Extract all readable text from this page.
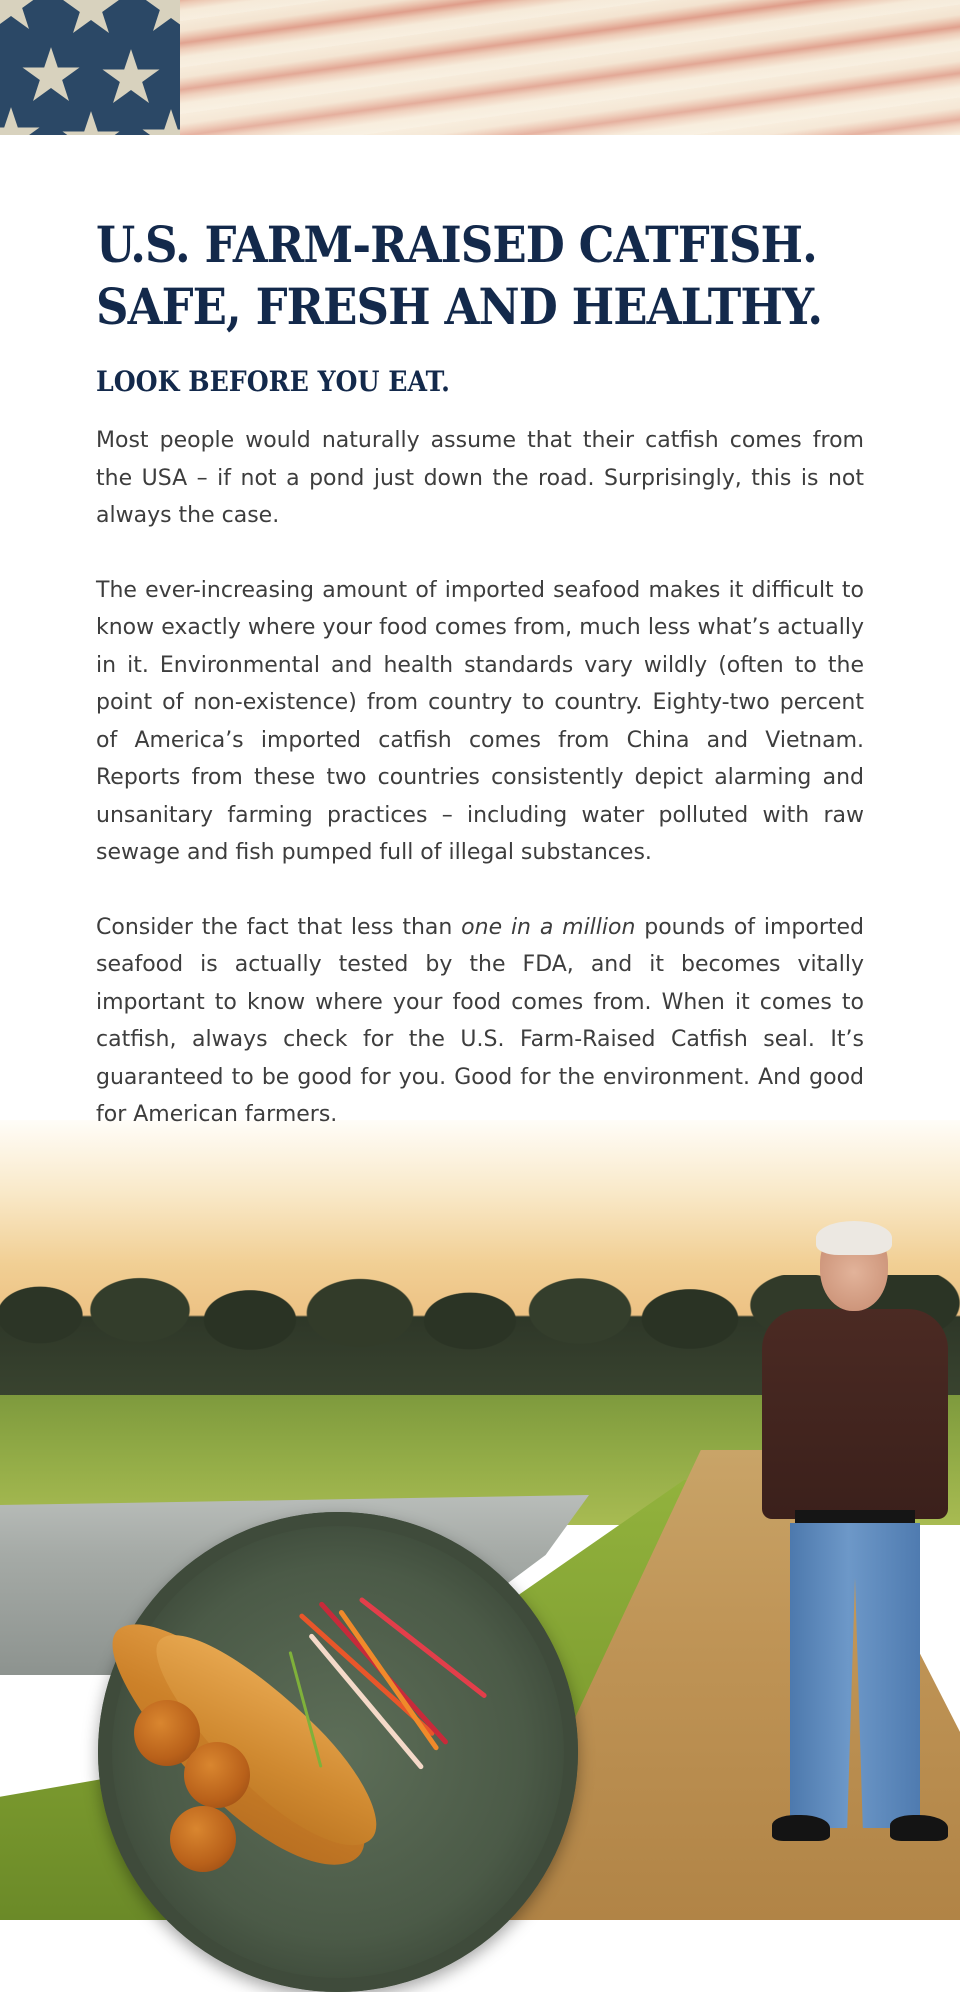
U.S. FARM-RAISED CATFISH.
SAFE, FRESH AND HEALTHY.
LOOK BEFORE YOU EAT.

Most people would naturally assume that their catfish comes from the USA – if not a pond just down the road. Surprisingly, this is not always the case.

The ever-increasing amount of imported seafood makes it difficult to know exactly where your food comes from, much less what’s actually in it. Environmental and health standards vary wildly (often to the point of non-existence) from country to country. Eighty-two percent of America’s imported catfish comes from China and Vietnam. Reports from these two countries consistently depict alarming and unsanitary farming practices – including water polluted with raw sewage and fish pumped full of illegal substances.

Consider the fact that less than one in a million pounds of imported seafood is actually tested by the FDA, and it becomes vitally important to know where your food comes from. When it comes to catfish, always check for the U.S. Farm-Raised Catfish seal. It’s guaranteed to be good for you. Good for the environment. And good for American farmers.
